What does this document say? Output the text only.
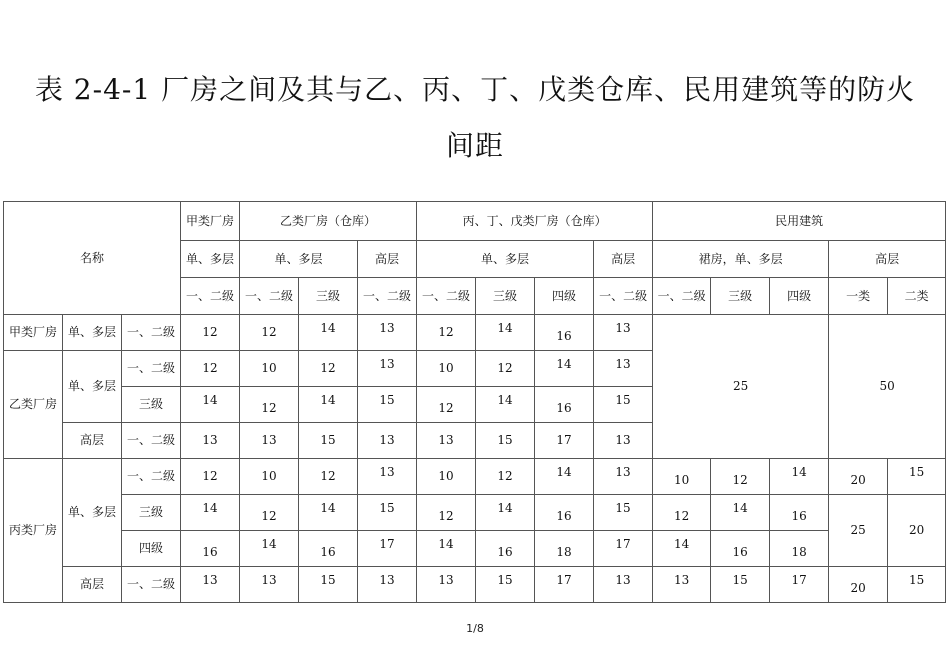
表 2-4-1 厂房之间及其与乙、丙、丁、戊类仓库、民用建筑等的防火
间距
名称			甲类厂房	乙类厂房（仓库）			丙、丁、戊类厂房（仓库）				民用建筑				
			单、多层	单、多层		高层	单、多层			高层	裙房，单、多层			高层	
			一、二级	一、二级	三级	一、二级	一、二级	三级	四级	一、二级	一、二级	三级	四级	一类	二类
甲类厂房	单、多层	一、二级	12	12	14	13	12	14	16	13	25			50	
乙类厂房	单、多层	一、二级	12	10	12	13	10	12	14	13					
		三级	14	12	14	15	12	14	16	15					
	高层	一、二级	13	13	15	13	13	15	17	13					
丙类厂房	单、多层	一、二级	12	10	12	13	10	12	14	13	10	12	14	20	15
		三级	14	12	14	15	12	14	16	15	12	14	16	25	20
		四级	16	14	16	17	14	16	18	17	14	16	18		
	高层	一、二级	13	13	15	13	13	15	17	13	13	15	17	20	15
1/8
